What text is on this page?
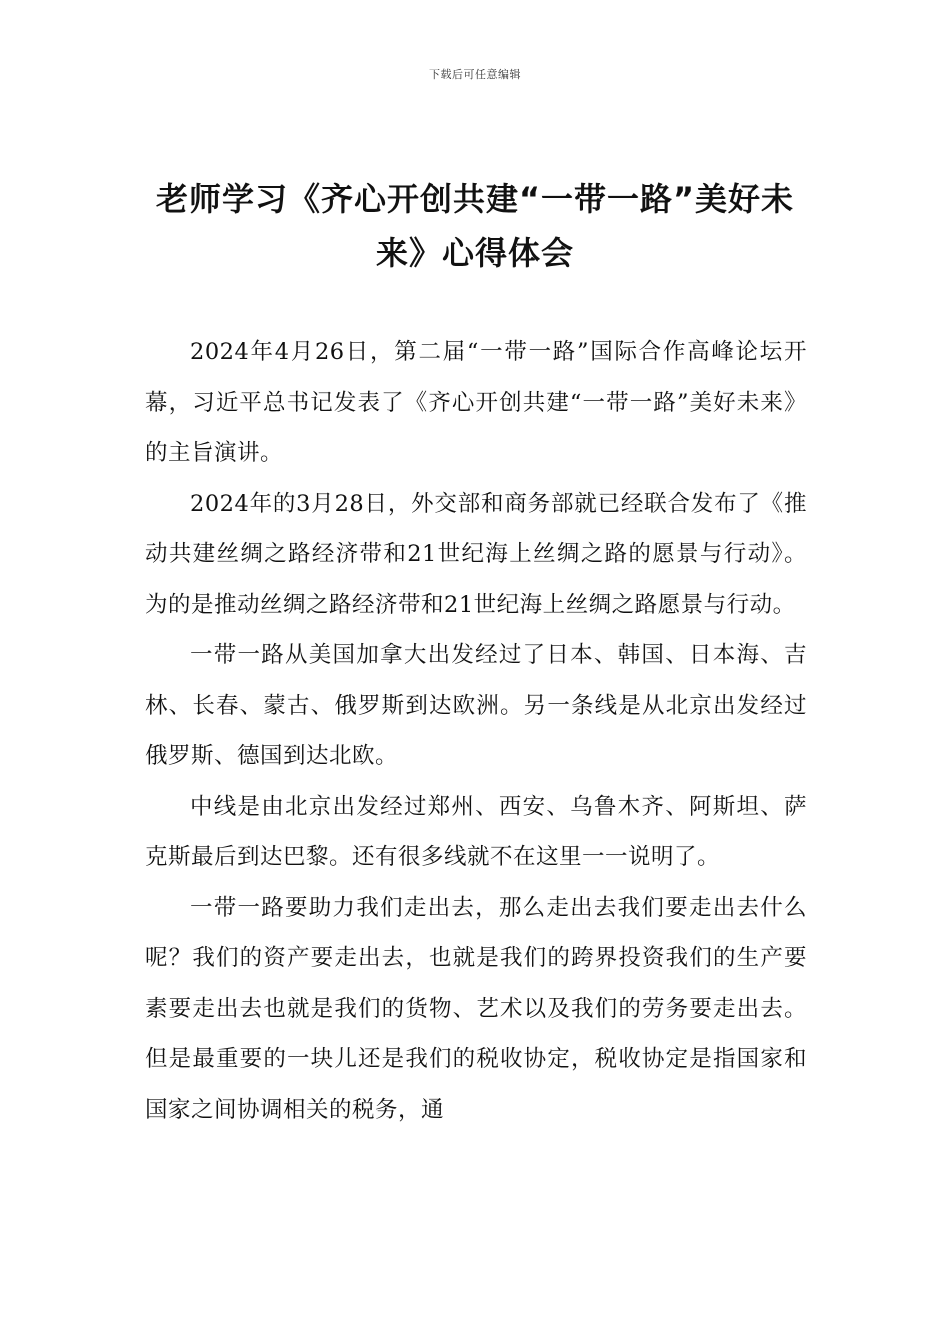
下载后可任意编辑
老师学习《齐心开创共建“一带一路”美好未来》心得体会

2024年4月26日，第二届“一带一路”国际合作高峰论坛开幕，习近平总书记发表了《齐心开创共建“一带一路”美好未来》的主旨演讲。

2024年的3月28日，外交部和商务部就已经联合发布了《推动共建丝绸之路经济带和21世纪海上丝绸之路的愿景与行动》。为的是推动丝绸之路经济带和21世纪海上丝绸之路愿景与行动。

一带一路从美国加拿大出发经过了日本、韩国、日本海、吉林、长春、蒙古、俄罗斯到达欧洲。另一条线是从北京出发经过俄罗斯、德国到达北欧。

中线是由北京出发经过郑州、西安、乌鲁木齐、阿斯坦、萨克斯最后到达巴黎。还有很多线就不在这里一一说明了。

一带一路要助力我们走出去，那么走出去我们要走出去什么呢？我们的资产要走出去，也就是我们的跨界投资我们的生产要素要走出去也就是我们的货物、艺术以及我们的劳务要走出去。但是最重要的一块儿还是我们的税收协定，税收协定是指国家和国家之间协调相关的税务，通
